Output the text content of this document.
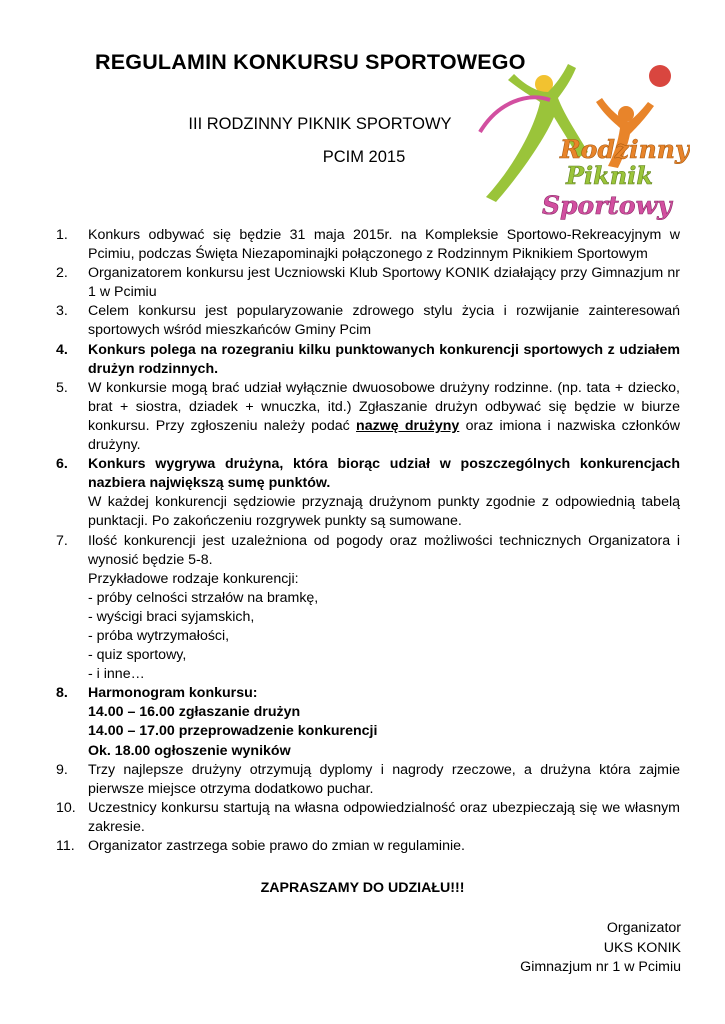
Rodzinny
Piknik
Sportowy
REGULAMIN KONKURSU SPORTOWEGO
III RODZINNY PIKNIK SPORTOWY
PCIM 2015
1.	Konkurs odbywać się będzie 31 maja 2015r. na Kompleksie Sportowo-Rekreacyjnym w Pcimiu, podczas Święta Niezapominajki połączonego z Rodzinnym Piknikiem Sportowym
2.	Organizatorem konkursu jest Uczniowski Klub Sportowy KONIK działający przy Gimnazjum nr 1 w Pcimiu
3.	Celem konkursu jest popularyzowanie zdrowego stylu życia i rozwijanie zainteresowań sportowych wśród mieszkańców Gminy Pcim
4.	Konkurs polega na rozegraniu kilku punktowanych konkurencji sportowych z udziałem drużyn rodzinnych.
5.	W konkursie mogą brać udział wyłącznie dwuosobowe drużyny rodzinne. (np. tata + dziecko, brat + siostra, dziadek + wnuczka, itd.) Zgłaszanie drużyn odbywać się będzie w biurze konkursu. Przy zgłoszeniu należy podać nazwę drużyny oraz imiona i nazwiska członków drużyny.
6.	Konkurs wygrywa drużyna, która biorąc udział w poszczególnych konkurencjach nazbiera największą sumę punktów.
W każdej konkurencji sędziowie przyznają drużynom punkty zgodnie z odpowiednią tabelą punktacji. Po zakończeniu rozgrywek punkty są sumowane.
7.	Ilość konkurencji jest uzależniona od pogody oraz możliwości technicznych Organizatora i wynosić będzie 5-8.
Przykładowe rodzaje konkurencji:
- próby celności strzałów na bramkę,
- wyścigi braci syjamskich,
- próba wytrzymałości,
- quiz sportowy,
- i inne…
8.	Harmonogram konkursu:
14.00 – 16.00 zgłaszanie drużyn
14.00 – 17.00 przeprowadzenie konkurencji
Ok. 18.00 ogłoszenie wyników
9.	Trzy najlepsze drużyny otrzymują dyplomy i nagrody rzeczowe, a drużyna która zajmie pierwsze miejsce otrzyma dodatkowo puchar.
10. Uczestnicy konkursu startują na własna odpowiedzialność oraz ubezpieczają się we własnym zakresie.
11. Organizator zastrzega sobie prawo do zmian w regulaminie.
ZAPRASZAMY DO UDZIAŁU!!!
Organizator
UKS KONIK
Gimnazjum nr 1 w Pcimiu
